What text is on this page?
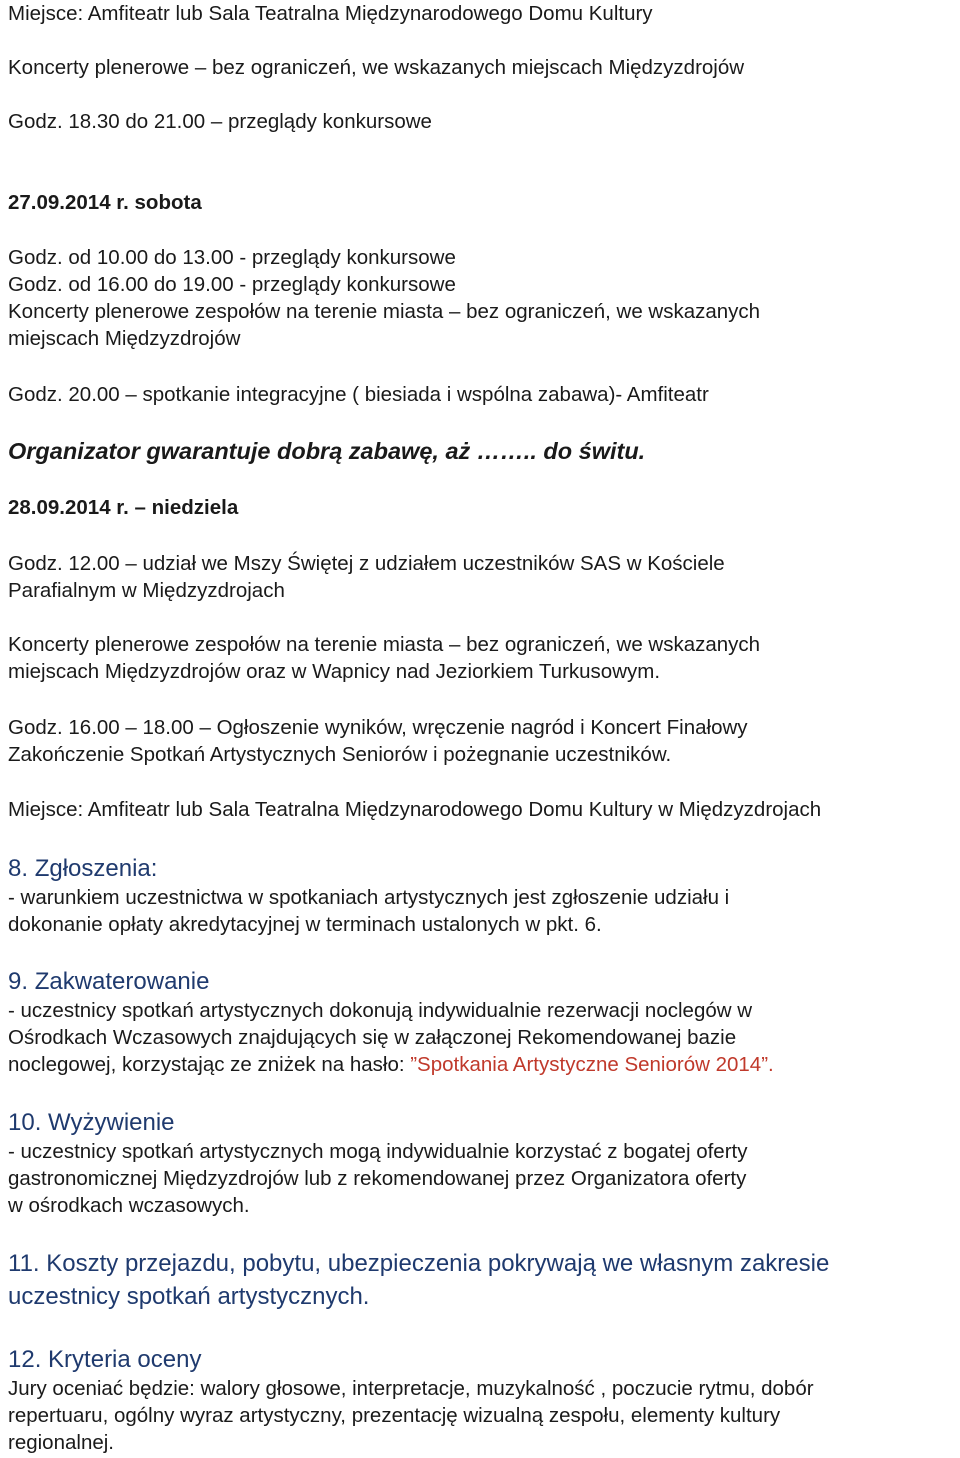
Miejsce: Amfiteatr lub Sala Teatralna Międzynarodowego Domu Kultury
Koncerty plenerowe – bez ograniczeń, we wskazanych miejscach Międzyzdrojów
Godz. 18.30 do 21.00 – przeglądy konkursowe
27.09.2014 r. sobota
Godz. od 10.00 do 13.00 - przeglądy konkursowe
Godz. od 16.00 do 19.00 - przeglądy konkursowe
Koncerty plenerowe zespołów na terenie miasta – bez ograniczeń, we wskazanych
miejscach Międzyzdrojów
Godz. 20.00 – spotkanie integracyjne ( biesiada i wspólna zabawa)- Amfiteatr
Organizator gwarantuje dobrą zabawę, aż …….. do świtu.
28.09.2014 r. – niedziela
Godz. 12.00 – udział we Mszy Świętej z udziałem uczestników SAS w Kościele
Parafialnym w Międzyzdrojach
Koncerty plenerowe zespołów na terenie miasta – bez ograniczeń, we wskazanych
miejscach Międzyzdrojów oraz w Wapnicy nad Jeziorkiem Turkusowym.
Godz. 16.00 – 18.00 – Ogłoszenie wyników, wręczenie nagród i Koncert Finałowy
Zakończenie Spotkań Artystycznych Seniorów i pożegnanie uczestników.
Miejsce: Amfiteatr lub Sala Teatralna Międzynarodowego Domu Kultury w Międzyzdrojach
8. Zgłoszenia:
- warunkiem uczestnictwa w spotkaniach artystycznych jest zgłoszenie udziału i
dokonanie opłaty akredytacyjnej w terminach ustalonych w pkt. 6.
9. Zakwaterowanie
- uczestnicy spotkań artystycznych dokonują indywidualnie rezerwacji noclegów w
Ośrodkach Wczasowych znajdujących się w załączonej Rekomendowanej bazie
noclegowej, korzystając ze zniżek na hasło: ”Spotkania Artystyczne Seniorów 2014”.
10. Wyżywienie
- uczestnicy spotkań artystycznych mogą indywidualnie korzystać z bogatej oferty
gastronomicznej Międzyzdrojów lub z rekomendowanej przez Organizatora oferty
w ośrodkach wczasowych.
11. Koszty przejazdu, pobytu, ubezpieczenia pokrywają we własnym zakresie
uczestnicy spotkań artystycznych.
12. Kryteria oceny
Jury oceniać będzie: walory głosowe, interpretacje, muzykalność , poczucie rytmu, dobór
repertuaru, ogólny wyraz artystyczny, prezentację wizualną zespołu, elementy kultury
regionalnej.
